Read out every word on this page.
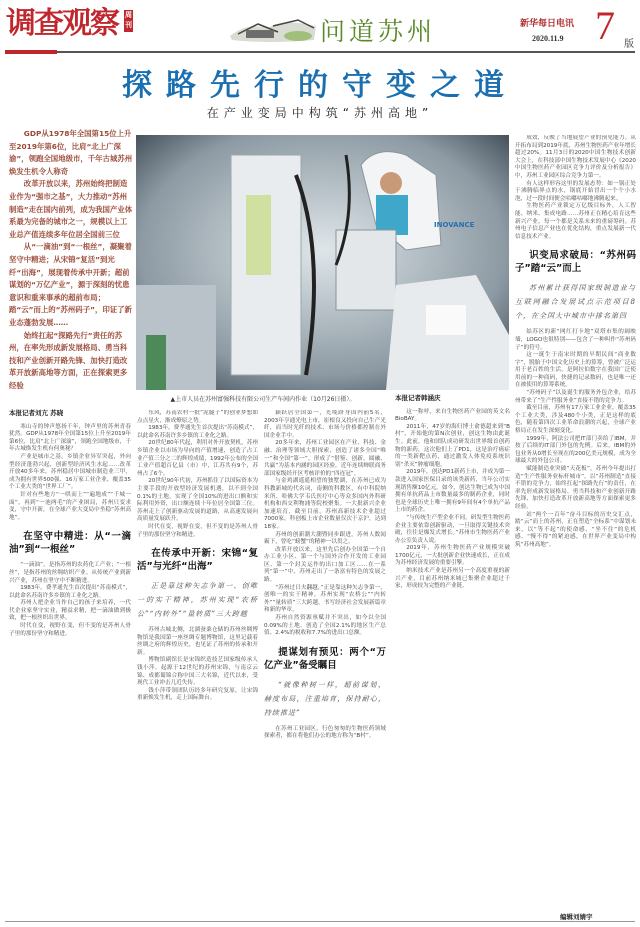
调查观察 周刊	问道苏州	新华每日电讯
2020.11.9 7 版
探路先行的守变之道
在产业变局中构筑“苏州高地”

GDP从1978年全国第15位上升至2019年第6位，比肩“北上广深渝”，领跑全国地级市，千年古城苏州焕发生机令人称奇

改革开放以来，苏州始终把制造业作为“强市之基”，大力推动“苏州制造”走在国内前列，成为我国产业体系最为完备的城市之一，规模以上工业总产值连续多年位居全国前三位

从“一滴油”到“一根丝”，凝聚着坚守中精进；从宋锦“复活”到光纤“出海”，展现着传承中开新；超前谋划的“万亿产业”，源于深刻的忧患意识和重来事承的超前布局；踏“云”而上的“苏州码子”，印证了新业态蓬勃发展……

始终扛起“探路先行”责任的苏州，在率先形成新发展格局、勇当科技和产业创新开路先锋、加快打造改革开放新高地等方面，正在探索更多经验

INOVANCE
▲上市人员在苏州富强科技有限公司生产车间内作业（10月26日摄）。
本报记者刘亢 苏晓

寒山寺的钟声悠扬千年，钟声里的苏州青春犹然。GDP从1978年全国第15位上升至2019年第6位，比肩“北上广深渝”，领跑全国地级市，千年古城焕发生机有何奥秘？

产业是城市之基。乡镇企业异军突起，外向型经济蓬勃兴起，创新型经济风生水起……改革开放40多年来，苏州稳居中国城市制造业三甲，成为拥有世界500强、16万家工业企业、覆盖35个工业大类的“世界工厂”。

针对有些地方“一哄而上”“遍地成”“千城一面”，再到“一池两毛”的产业困局，苏州只变求变，守中开新，在全球产业大变局中坐稳“苏州高地”。

在坚守中精进：从“一滴油”到“一根丝”

“一滴油”，是指苏州的农药化工产业；“一根丝”，是指苏州的丝绸纺织产业。从传统产业到新兴产业，苏州在坚守中不断精进。

1983年，费孝通先生首次提出“苏南模式”，以此命名苏南许多乡镇的工业化之路。

苏州人把企业当作自己的孩子来培养，一代代企业家坚守实业，精益求精，把一滴油做到极致，把一根丝织出世界。

时代在变，视野在变，但不变的是苏州人骨子里的那份坚守和精进。

东风，苏南农村一批“泥腿子”的创业梦想如点点星火，渐成燎原之势。

1983年，费孝通先生首次提出“苏南模式”，以此命名苏南许多乡镇的工业化之路。

20世纪80年代起，利用对外开放契机，苏州乡镇企业以市场为导向的产值增速，创造了占工业产值三分之二的辉煌成绩，1992年公布的全国工业产值超百亿县（市）中，江苏共有9个，苏州占了6个。

20世纪90年代初，苏州抓住了以国际资本为主要手段的开放型经济发展机遇，以不到全国0.1%的土地，实现了全国10%的进出口额和实际利用外资，出口额连续十年位居全国第三位。苏州走上了创新驱动发展的道路，从高速发展向高质量发展跃升。

时代在变，视野在变，但不变的是苏州人骨子里的那份坚守和精进。

在传承中开新：宋锦“复活”与光纤“出海”
正是靠这种矢志争第一、创唯一的实干精神，苏州实现“农桥公”“内转外”“量转质”三大跨越

苏州古城北侧，北湖蚕桑仓储的苏州丝绸博物馆是我国第一座丝绸专题博物馆，这里记载着丝绸之府的辉煌历史，也见证了苏州的传承和开新。

博物馆副馆长是宋锦织造技艺国家级传承人钱小萍，起源于12世纪的苏州宋锦，与南京云锦、成都蜀锦合称中国三大名锦，近代以来，受现代工业冲击几近失传。

钱小萍带领团队历经多年研究复原，让宋锦重新焕发生机，走上国际舞台。

颖跃居全国第一，光缆跻身国内前5名，2003年亨通光电上市，崔根良又投向自己生产光纤，而当时光纤的技术、市场与价格都控制在外国企业手中。

20多年来，苏州工业园区在产业、科技、金融、治理等领域大胆探索，创造了诸多全国“唯一”和全国“第一”，形成了“借鉴、创新、圆融、共赢”为基本内涵的园区经验，近年连续蝉联商务部国家级经开区考核评价的“四连冠”。

与金鸡湖遥遥相望的独墅湖，在苏州已成为科教新城的代名词，南侧的科教区，有中科院纳米所、哈佛大学韦氏医疗中心等众多国内外科研机构和西交利物浦等院校聚集。一大批新兴企业加速培育，截至目前，苏州高新技术企业超过7000家，科创板上市企业数量仅次于京沪，达到18家。

苏州的创新潮大潮暨同步跟进，苏州人数闻霸下，曾吃“螃蟹”的精神一以贯之。

改革开放以来，这里先后创办全国第一个自办工业小区、第一个与国外合作开发的工业园区、第一个封关运作的出口加工区……在一系列“第一”中，苏州走出了一条富有特色的发展之路。

“苏州过日夫翻越，”正是靠这种矢志争第一、创唯一的实干精神，苏州实现“农桥公”“内转外”“量转质”三大跨越，书写经济社会发展新篇章和新的华章。

苏州自然资源禀赋并不突出，如今以全国0.09%的土地，创造了全国2.1%的地区生产总值、2.4%的税收和7.7%的进出口总额。

提谋划有预见：两个“万亿产业”备受瞩目
“就像种树一样，超前谋划，赫度布局，注重培育，保持耐心，持续推进”

在苏州工业园区，行色匆匆的生物医药领域探索者，都在将他们办公的地方称为“B村”。

本报记者韩涵庆

这一称呼，来自生物医药产业园的英文名BioBAY。

2011年，47岁的海归博士俞德超来到“B村”，开始他的第N次创业，创这生物由此诞生。此前，他和团队成功研发出世界级首创药物的新药，这次他们上了PD1，这是治疗癌症的一类新靶点药，通过激发人体免疫系统识别“杀灭”肿瘤细胞。

2019年，创达PD1新药上市，并成为第一款进入国家医保目录的该类新药，当年公司实现销售额10亿元。如今，创达生物已成为中国拥有单抗药品上市数量最多的制药企业，同时也是全球历史上唯一拥有9年间有4个单抗产品上市的药企。

“与传统生产型企业不同，研发型生物医药企业主要依靠创新驱动，一旦取得关键技术突破，往往是爆发式增长。”苏州市生物医药产业办公室负责人说。

2019年，苏州生物医药产业规模突破1700亿元，一大批创新企业快速成长，正在成为苏州经济发展的重要引擎。

纳米技术产业是苏州另一个高度重视的新兴产业，目前苏州纳米城已集聚企业超过千家，形成较为完整的产业链。

成效，反映了当地展望产业的预见能力。从开拓布局到2019年底，苏州生物医药产业年增长超过20%。11月3日的2020中国生物技术创新大会上，在科技部中国生物技术发展中心《2020中国生物医药产业园区竞争力评价及分析报告》中，苏州工业园区综合竞争力第一。

有人这样形容这里的发展态势：如一锅正处于沸腾临界点的水，锅底开始冒出一个个小水泡，过一段时间便会咕嘟咕嘟地沸腾起来。

生物医药产业锁定万亿级目标外，人工智能、纳米、集成电路……苏州正在精心培育这些新兴产业，每一个都是关系未来的重磅筹码。苏州电子信息产业也在优化结构，重点发展新一代信息技术产业。

识变局求破局：“苏州码子”踏“云”而上
苏州累计获得国家级制造业与互联网融合发展试点示范项目8个，在全国大中城市中排名第四

姑苏区的新“网红打卡地”双塔市集的阔映墙，LOGO也很特别——包含了一种叫作“苏州码子”的符号。

这一诞生于南宋时期的早期民间“商业数字”，脱胎于中国文化历史上的算筹，曾被广泛运用于老百姓的生活，是阿拉伯数字在我国广泛使用前的一种商码，快捷的记录数码，也是唯一还在被使用的算筹系统。

“苏州码子”以及诞生的服务外包企业，给苏州带来了“生产性服务业”直接不错的竞争力。

截至目前，苏州有17万家工业企业，覆盖35个工业大类，涉及480个小类，正是这样的底色，随着第四次工业革命浪潮的兴起，全球产业格局正在发生深刻变化。

1999年，阿法公司把IT部门卖给了IBM，并按了后续的IT部门外包的先例。后来，IBM的外包业务从0增长至现在的200亿美元规模，成为全球最大的外包公司。

赋能制造业突破“天花板”，苏州今年提出打造“生产性服务业标杆城市”，以“苏州制造”直接不错的竞争力，始终扛起“探路先行”的责任，在率先形成新发展格局、勇当科技和产业创新开路先锋、加快打造改革开放新高地等方面探索更多经验。

站“两个一百年”奋斗目标的历史交汇点，踏“云”而上的苏州，正在塑造“全标系”中谋划未来，以“等不起”的使命感、“坐不住”的危机感、“慢不得”的紧迫感，在世界产业变局中构筑“苏州高地”。

编辑刘婧宇
